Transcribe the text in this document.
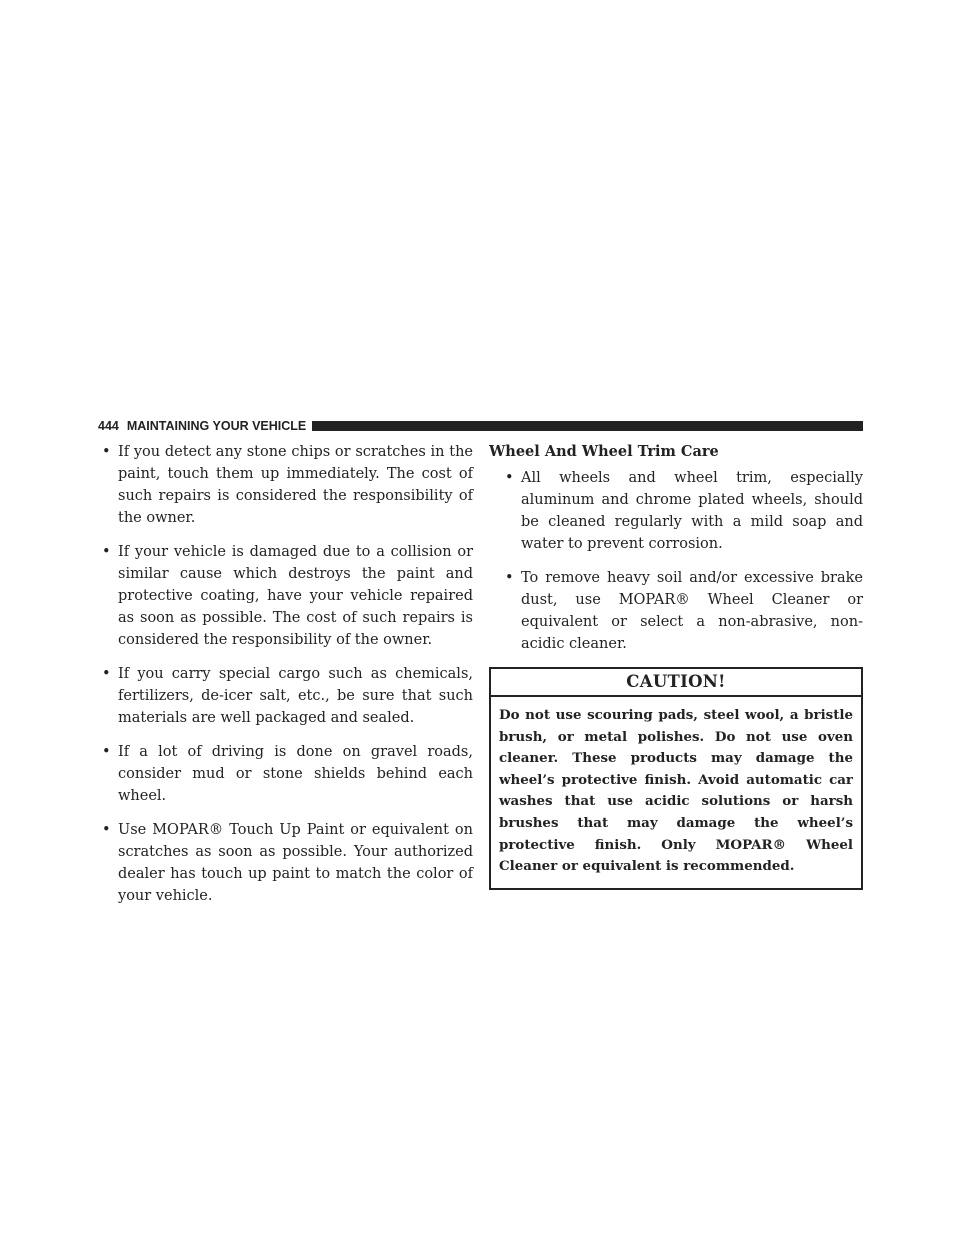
444 MAINTAINING YOUR VEHICLE
• If you detect any stone chips or scratches in the paint, touch them up immediately. The cost of such repairs is considered the responsibility of the owner.
• If your vehicle is damaged due to a collision or similar cause which destroys the paint and protective coating, have your vehicle repaired as soon as possible. The cost of such repairs is considered the responsibility of the owner.
• If you carry special cargo such as chemicals, fertilizers, de-icer salt, etc., be sure that such materials are well packaged and sealed.
• If a lot of driving is done on gravel roads, consider mud or stone shields behind each wheel.
• Use MOPAR® Touch Up Paint or equivalent on scratches as soon as possible. Your authorized dealer has touch up paint to match the color of your vehicle.
Wheel And Wheel Trim Care
• All wheels and wheel trim, especially aluminum and chrome plated wheels, should be cleaned regularly with a mild soap and water to prevent corrosion.
• To remove heavy soil and/or excessive brake dust, use MOPAR® Wheel Cleaner or equivalent or select a non-abrasive, non-acidic cleaner.
CAUTION!
Do not use scouring pads, steel wool, a bristle brush, or metal polishes. Do not use oven cleaner. These products may damage the wheel’s protective finish. Avoid automatic car washes that use acidic solutions or harsh brushes that may damage the wheel’s protective finish. Only MOPAR® Wheel Cleaner or equivalent is recommended.
